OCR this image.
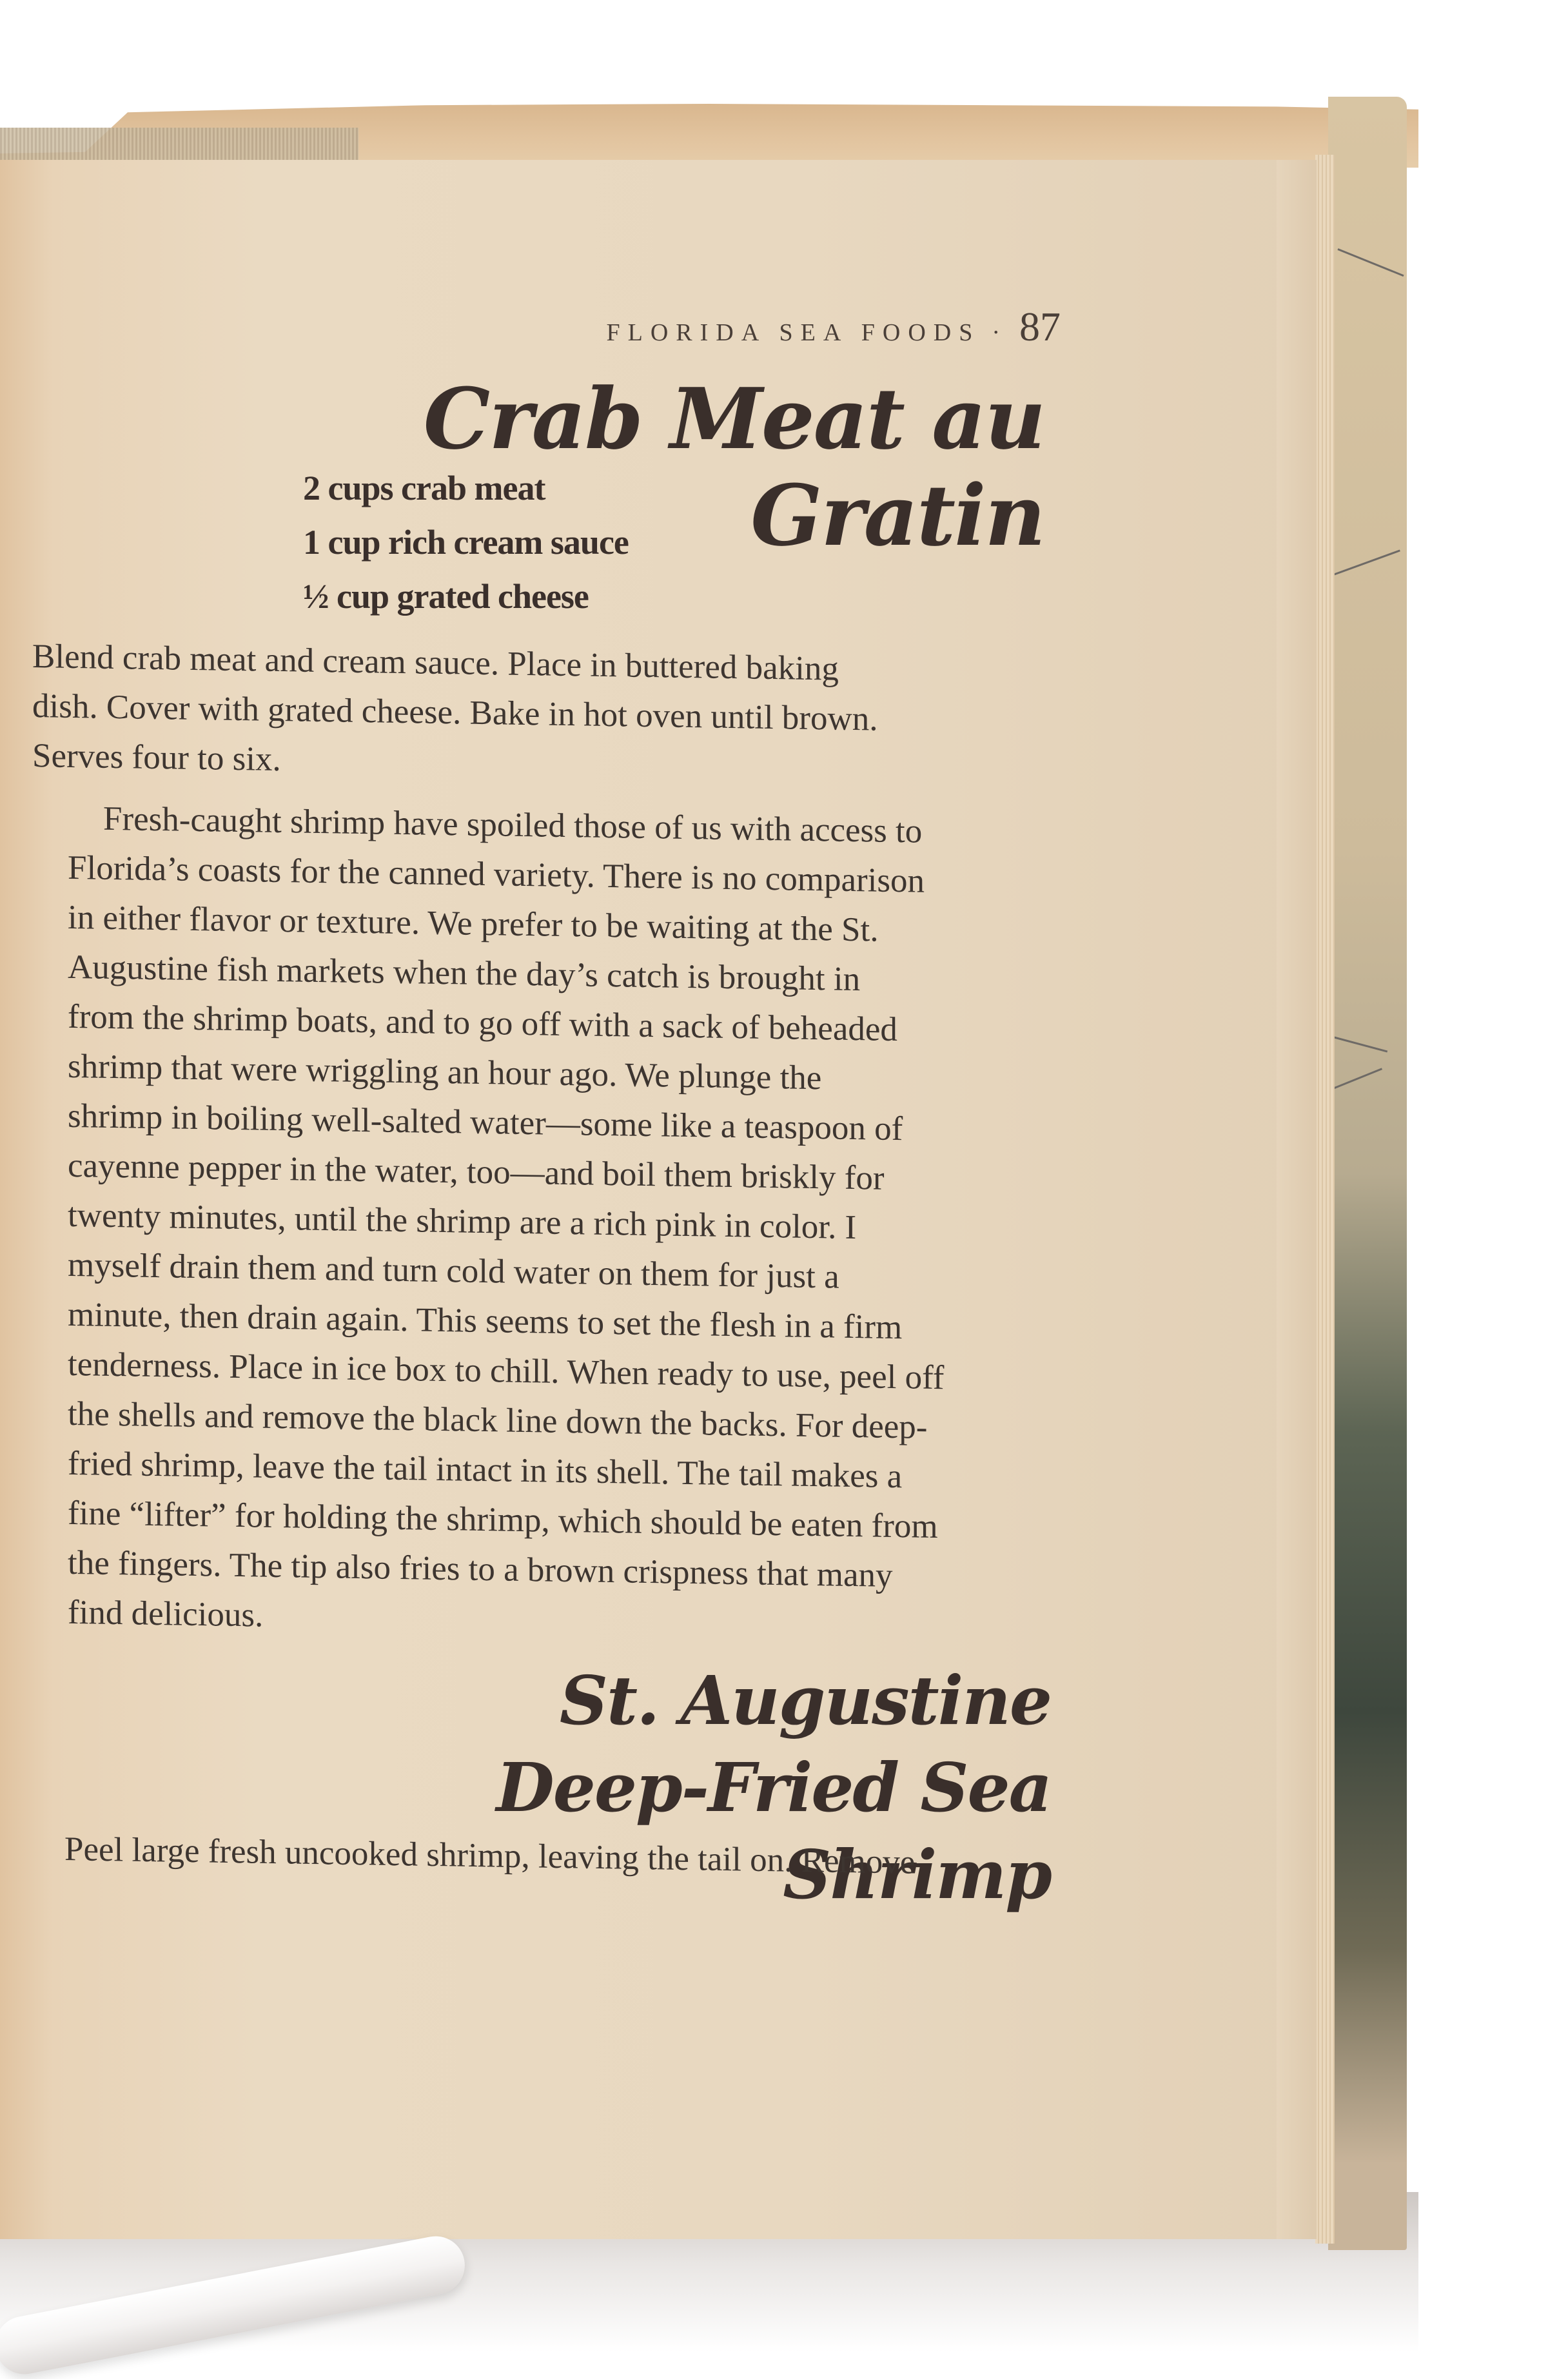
FLORIDA SEA FOODS · 87
Crab Meat au Gratin
2 cups crab meat
1 cup rich cream sauce
½ cup grated cheese

Blend crab meat and cream sauce. Place in buttered baking
dish. Cover with grated cheese. Bake in hot oven until brown.
Serves four to six.

Fresh-caught shrimp have spoiled those of us with access to
Florida’s coasts for the canned variety. There is no comparison
in either flavor or texture. We prefer to be waiting at the St.
Augustine fish markets when the day’s catch is brought in
from the shrimp boats, and to go off with a sack of beheaded
shrimp that were wriggling an hour ago. We plunge the
shrimp in boiling well-salted water—some like a teaspoon of
cayenne pepper in the water, too—and boil them briskly for
twenty minutes, until the shrimp are a rich pink in color. I
myself drain them and turn cold water on them for just a
minute, then drain again. This seems to set the flesh in a firm
tenderness. Place in ice box to chill. When ready to use, peel off
the shells and remove the black line down the backs. For deep-
fried shrimp, leave the tail intact in its shell. The tail makes a
fine “lifter” for holding the shrimp, which should be eaten from
the fingers. The tip also fries to a brown crispness that many
find delicious.

St. Augustine
Deep-Fried Sea Shrimp

Peel large fresh uncooked shrimp, leaving the tail on. Remove
